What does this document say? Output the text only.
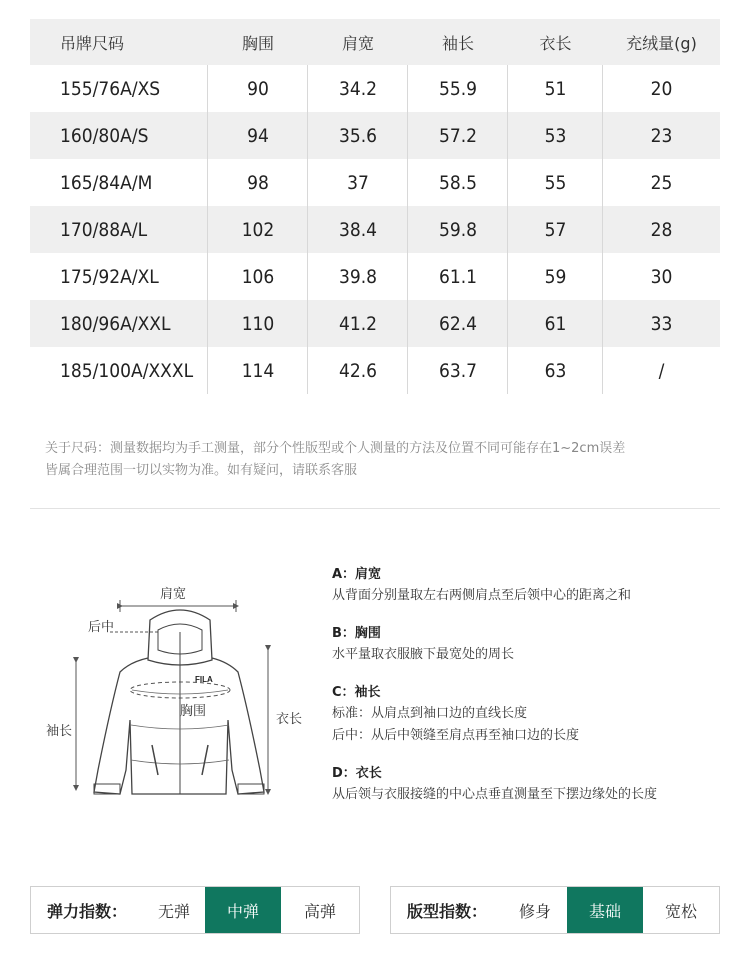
吊牌尺码	胸围	肩宽	袖长	衣长	充绒量(g)
155/76A/XS	90	34.2	55.9	51	20
160/80A/S	94	35.6	57.2	53	23
165/84A/M	98	37	58.5	55	25
170/88A/L	102	38.4	59.8	57	28
175/92A/XL	106	39.8	61.1	59	30
180/96A/XXL	110	41.2	62.4	61	33
185/100A/XXXL	114	42.6	63.7	63	/
关于尺码：测量数据均为手工测量，部分个性版型或个人测量的方法及位置不同可能存在1~2cm误差
皆属合理范围一切以实物为准。如有疑问，请联系客服
FILA
肩宽
后中
胸围
袖长
衣长
A：肩宽
从背面分别量取左右两侧肩点至后领中心的距离之和
B：胸围
水平量取衣服腋下最宽处的周长
C：袖长
标准：从肩点到袖口边的直线长度
后中：从后中领缝至肩点再至袖口边的长度
D：衣长
从后领与衣服接缝的中心点垂直测量至下摆边缘处的长度
弹力指数：	无弹	中弹	高弹	版型指数：	修身	基础	宽松
